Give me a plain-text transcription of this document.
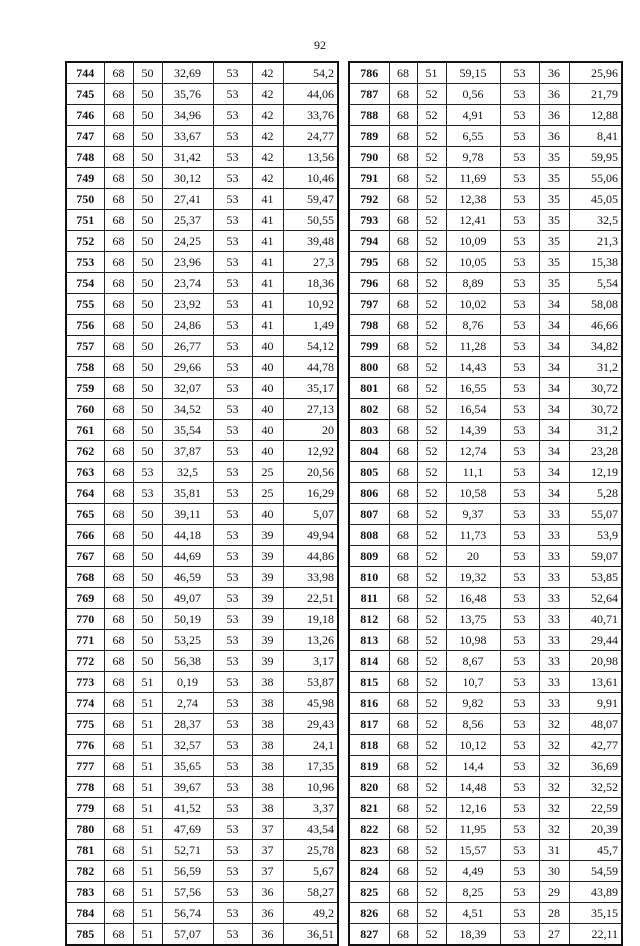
92
744	68	50	32,69	53	42	54,2
745	68	50	35,76	53	42	44,06
746	68	50	34,96	53	42	33,76
747	68	50	33,67	53	42	24,77
748	68	50	31,42	53	42	13,56
749	68	50	30,12	53	42	10,46
750	68	50	27,41	53	41	59,47
751	68	50	25,37	53	41	50,55
752	68	50	24,25	53	41	39,48
753	68	50	23,96	53	41	27,3
754	68	50	23,74	53	41	18,36
755	68	50	23,92	53	41	10,92
756	68	50	24,86	53	41	1,49
757	68	50	26,77	53	40	54,12
758	68	50	29,66	53	40	44,78
759	68	50	32,07	53	40	35,17
760	68	50	34,52	53	40	27,13
761	68	50	35,54	53	40	20
762	68	50	37,87	53	40	12,92
763	68	53	32,5	53	25	20,56
764	68	53	35,81	53	25	16,29
765	68	50	39,11	53	40	5,07
766	68	50	44,18	53	39	49,94
767	68	50	44,69	53	39	44,86
768	68	50	46,59	53	39	33,98
769	68	50	49,07	53	39	22,51
770	68	50	50,19	53	39	19,18
771	68	50	53,25	53	39	13,26
772	68	50	56,38	53	39	3,17
773	68	51	0,19	53	38	53,87
774	68	51	2,74	53	38	45,98
775	68	51	28,37	53	38	29,43
776	68	51	32,57	53	38	24,1
777	68	51	35,65	53	38	17,35
778	68	51	39,67	53	38	10,96
779	68	51	41,52	53	38	3,37
780	68	51	47,69	53	37	43,54
781	68	51	52,71	53	37	25,78
782	68	51	56,59	53	37	5,67
783	68	51	57,56	53	36	58,27
784	68	51	56,74	53	36	49,2
785	68	51	57,07	53	36	36,51
786	68	51	59,15	53	36	25,96
787	68	52	0,56	53	36	21,79
788	68	52	4,91	53	36	12,88
789	68	52	6,55	53	36	8,41
790	68	52	9,78	53	35	59,95
791	68	52	11,69	53	35	55,06
792	68	52	12,38	53	35	45,05
793	68	52	12,41	53	35	32,5
794	68	52	10,09	53	35	21,3
795	68	52	10,05	53	35	15,38
796	68	52	8,89	53	35	5,54
797	68	52	10,02	53	34	58,08
798	68	52	8,76	53	34	46,66
799	68	52	11,28	53	34	34,82
800	68	52	14,43	53	34	31,2
801	68	52	16,55	53	34	30,72
802	68	52	16,54	53	34	30,72
803	68	52	14,39	53	34	31,2
804	68	52	12,74	53	34	23,28
805	68	52	11,1	53	34	12,19
806	68	52	10,58	53	34	5,28
807	68	52	9,37	53	33	55,07
808	68	52	11,73	53	33	53,9
809	68	52	20	53	33	59,07
810	68	52	19,32	53	33	53,85
811	68	52	16,48	53	33	52,64
812	68	52	13,75	53	33	40,71
813	68	52	10,98	53	33	29,44
814	68	52	8,67	53	33	20,98
815	68	52	10,7	53	33	13,61
816	68	52	9,82	53	33	9,91
817	68	52	8,56	53	32	48,07
818	68	52	10,12	53	32	42,77
819	68	52	14,4	53	32	36,69
820	68	52	14,48	53	32	32,52
821	68	52	12,16	53	32	22,59
822	68	52	11,95	53	32	20,39
823	68	52	15,57	53	31	45,7
824	68	52	4,49	53	30	54,59
825	68	52	8,25	53	29	43,89
826	68	52	4,51	53	28	35,15
827	68	52	18,39	53	27	22,11
